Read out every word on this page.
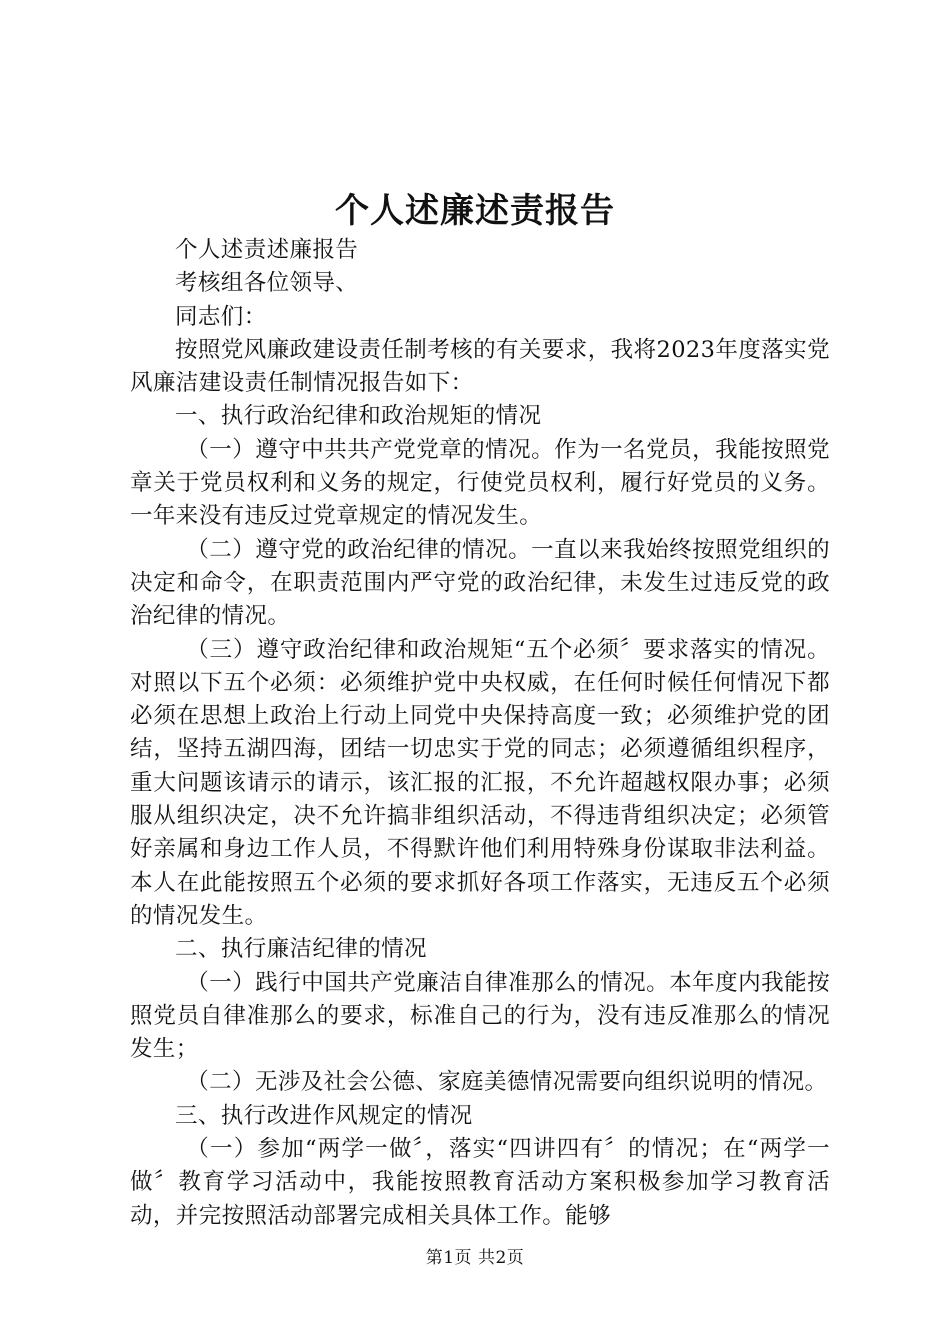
个人述廉述责报告

个人述责述廉报告

考核组各位领导、

同志们：

按照党风廉政建设责任制考核的有关要求，我将2023年度落实党风廉洁建设责任制情况报告如下：

一、执行政治纪律和政治规矩的情况

（一）遵守中共共产党党章的情况。作为一名党员，我能按照党章关于党员权利和义务的规定，行使党员权利，履行好党员的义务。一年来没有违反过党章规定的情况发生。

（二）遵守党的政治纪律的情况。一直以来我始终按照党组织的决定和命令，在职责范围内严守党的政治纪律，未发生过违反党的政治纪律的情况。

（三）遵守政治纪律和政治规矩“五个必须〞要求落实的情况。对照以下五个必须：必须维护党中央权威，在任何时候任何情况下都必须在思想上政治上行动上同党中央保持高度一致；必须维护党的团结，坚持五湖四海，团结一切忠实于党的同志；必须遵循组织程序，重大问题该请示的请示，该汇报的汇报，不允许超越权限办事；必须服从组织决定，决不允许搞非组织活动，不得违背组织决定；必须管好亲属和身边工作人员，不得默许他们利用特殊身份谋取非法利益。本人在此能按照五个必须的要求抓好各项工作落实，无违反五个必须的情况发生。

二、执行廉洁纪律的情况

（一）践行中国共产党廉洁自律准那么的情况。本年度内我能按照党员自律准那么的要求，标准自己的行为，没有违反准那么的情况发生；

（二）无涉及社会公德、家庭美德情况需要向组织说明的情况。

三、执行改进作风规定的情况

（一）参加“两学一做〞，落实“四讲四有〞的情况；在“两学一做〞教育学习活动中，我能按照教育活动方案积极参加学习教育活动，并完按照活动部署完成相关具体工作。能够

第1页 共2页
